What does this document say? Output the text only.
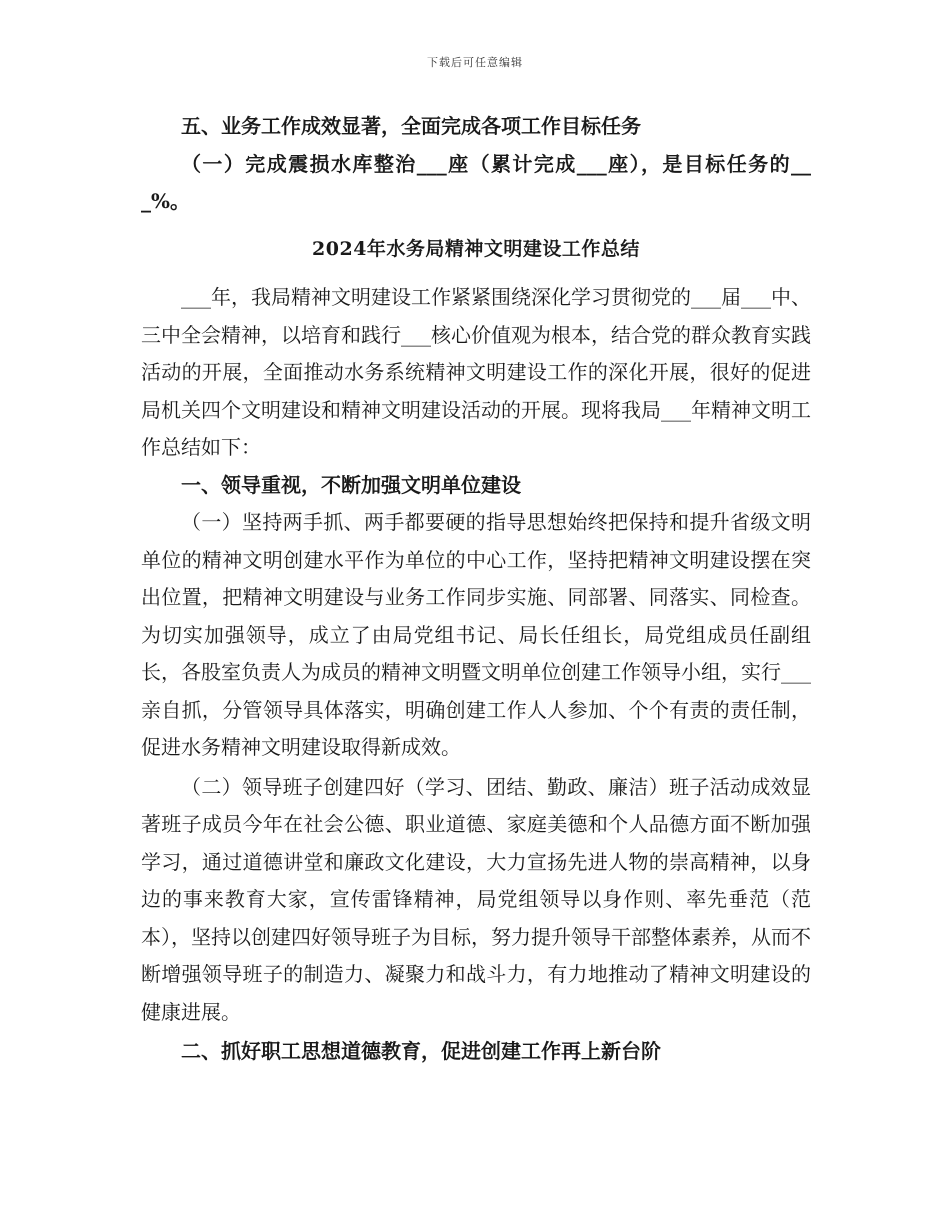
下载后可任意编辑

五、业务工作成效显著，全面完成各项工作目标任务

（一）完成震损水库整治___座（累计完成___座），是目标任务的___%。

2024年水务局精神文明建设工作总结

___年，我局精神文明建设工作紧紧围绕深化学习贯彻党的___届___中、三中全会精神，以培育和践行___核心价值观为根本，结合党的群众教育实践活动的开展，全面推动水务系统精神文明建设工作的深化开展，很好的促进局机关四个文明建设和精神文明建设活动的开展。现将我局___年精神文明工作总结如下：

一、领导重视，不断加强文明单位建设

（一）坚持两手抓、两手都要硬的指导思想始终把保持和提升省级文明单位的精神文明创建水平作为单位的中心工作，坚持把精神文明建设摆在突出位置，把精神文明建设与业务工作同步实施、同部署、同落实、同检查。为切实加强领导，成立了由局党组书记、局长任组长，局党组成员任副组长，各股室负责人为成员的精神文明暨文明单位创建工作领导小组，实行___亲自抓，分管领导具体落实，明确创建工作人人参加、个个有责的责任制，促进水务精神文明建设取得新成效。

（二）领导班子创建四好（学习、团结、勤政、廉洁）班子活动成效显著班子成员今年在社会公德、职业道德、家庭美德和个人品德方面不断加强学习，通过道德讲堂和廉政文化建设，大力宣扬先进人物的崇高精神，以身边的事来教育大家，宣传雷锋精神，局党组领导以身作则、率先垂范（范本），坚持以创建四好领导班子为目标，努力提升领导干部整体素养，从而不断增强领导班子的制造力、凝聚力和战斗力，有力地推动了精神文明建设的健康进展。

二、抓好职工思想道德教育，促进创建工作再上新台阶
